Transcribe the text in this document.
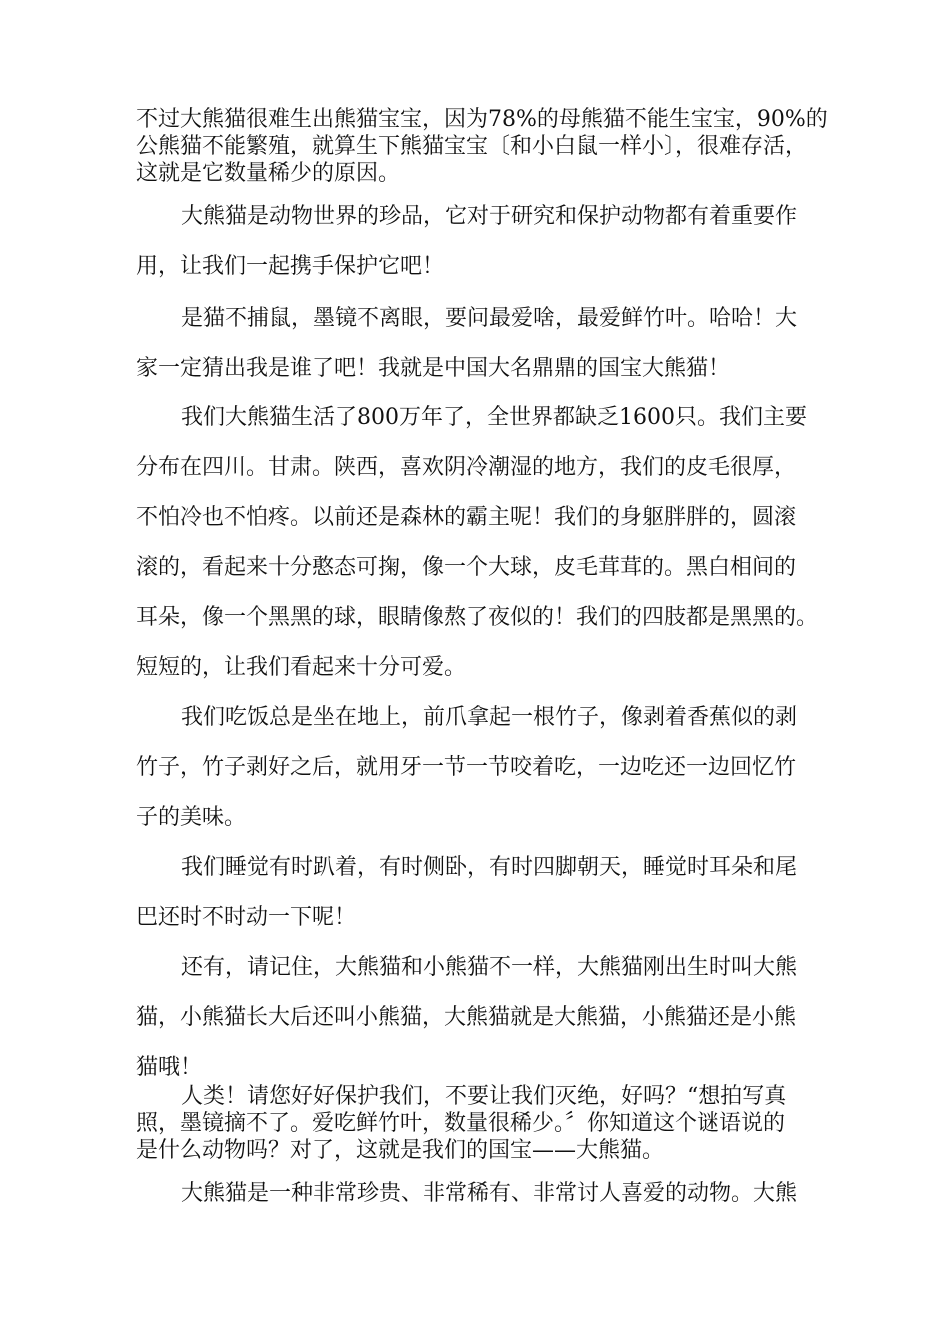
不过大熊猫很难生出熊猫宝宝，因为78%的母熊猫不能生宝宝，90%的
公熊猫不能繁殖，就算生下熊猫宝宝〔和小白鼠一样小〕，很难存活，
这就是它数量稀少的原因。
大熊猫是动物世界的珍品，它对于研究和保护动物都有着重要作
用，让我们一起携手保护它吧！
是猫不捕鼠，墨镜不离眼，要问最爱啥，最爱鲜竹叶。哈哈！大
家一定猜出我是谁了吧！我就是中国大名鼎鼎的国宝大熊猫！
我们大熊猫生活了800万年了，全世界都缺乏1600只。我们主要
分布在四川。甘肃。陕西，喜欢阴冷潮湿的地方，我们的皮毛很厚，
不怕冷也不怕疼。以前还是森林的霸主呢！我们的身躯胖胖的，圆滚
滚的，看起来十分憨态可掬，像一个大球，皮毛茸茸的。黑白相间的
耳朵，像一个黑黑的球，眼睛像熬了夜似的！我们的四肢都是黑黑的。
短短的，让我们看起来十分可爱。
我们吃饭总是坐在地上，前爪拿起一根竹子，像剥着香蕉似的剥
竹子，竹子剥好之后，就用牙一节一节咬着吃，一边吃还一边回忆竹
子的美味。
我们睡觉有时趴着，有时侧卧，有时四脚朝天，睡觉时耳朵和尾
巴还时不时动一下呢！
还有，请记住，大熊猫和小熊猫不一样，大熊猫刚出生时叫大熊
猫，小熊猫长大后还叫小熊猫，大熊猫就是大熊猫，小熊猫还是小熊
猫哦！
人类！请您好好保护我们，不要让我们灭绝，好吗？“想拍写真
照，墨镜摘不了。爱吃鲜竹叶，数量很稀少。〞你知道这个谜语说的
是什么动物吗？对了，这就是我们的国宝——大熊猫。
大熊猫是一种非常珍贵、非常稀有、非常讨人喜爱的动物。大熊
